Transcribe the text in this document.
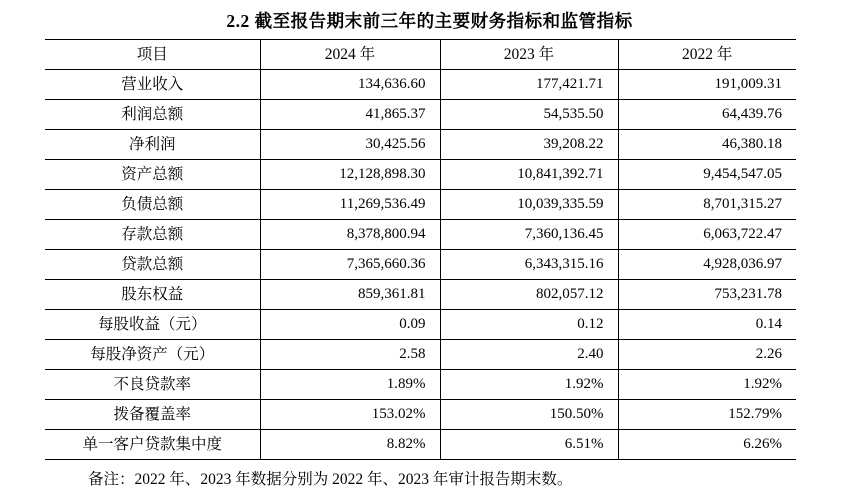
2.2 截至报告期末前三年的主要财务指标和监管指标
项目	2024 年	2023 年	2022 年
营业收入	134,636.60	177,421.71	191,009.31
利润总额	41,865.37	54,535.50	64,439.76
净利润	30,425.56	39,208.22	46,380.18
资产总额	12,128,898.30	10,841,392.71	9,454,547.05
负债总额	11,269,536.49	10,039,335.59	8,701,315.27
存款总额	8,378,800.94	7,360,136.45	6,063,722.47
贷款总额	7,365,660.36	6,343,315.16	4,928,036.97
股东权益	859,361.81	802,057.12	753,231.78
每股收益（元）	0.09	0.12	0.14
每股净资产（元）	2.58	2.40	2.26
不良贷款率	1.89%	1.92%	1.92%
拨备覆盖率	153.02%	150.50%	152.79%
单一客户贷款集中度	8.82%	6.51%	6.26%
备注：2022 年、2023 年数据分别为 2022 年、2023 年审计报告期末数。
